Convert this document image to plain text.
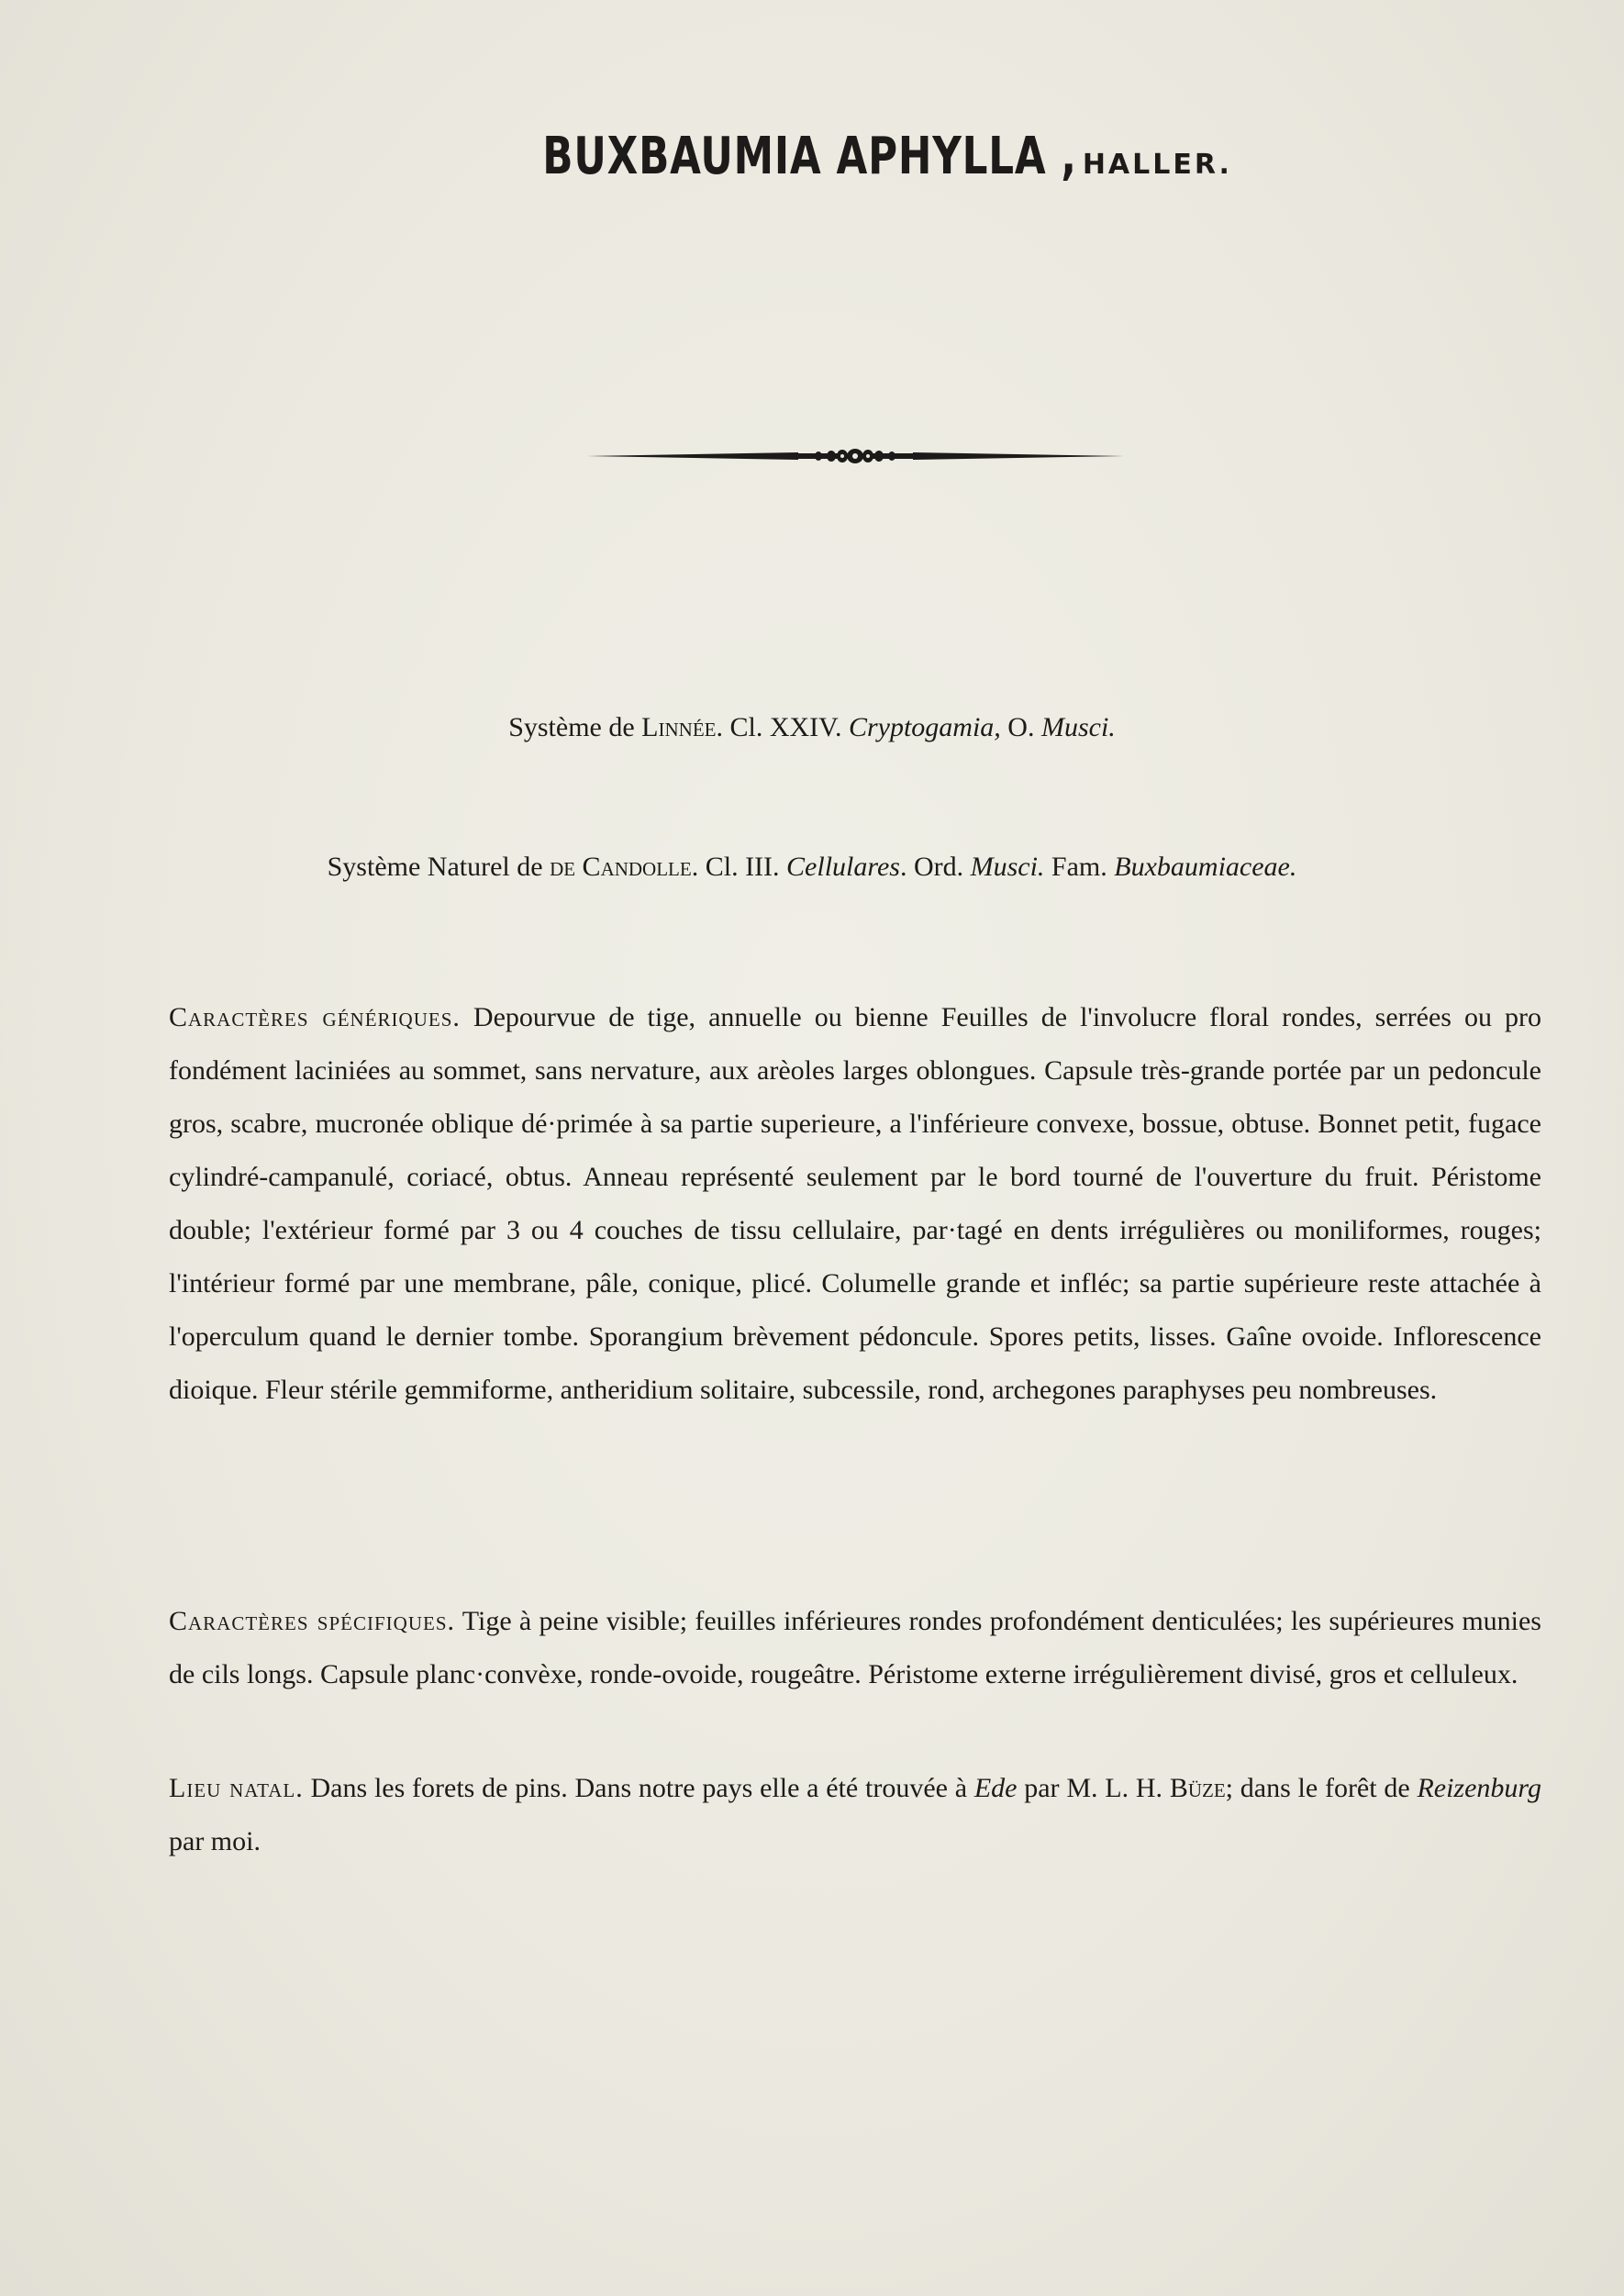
BUXBAUMIA APHYLLA , HALLER.
Système de Linnée. Cl. XXIV. Cryptogamia, O. Musci.
Système Naturel de de Candolle. Cl. III. Cellulares. Ord. Musci. Fam. Buxbaumiaceae.

Caractères génériques. Depourvue de tige, annuelle ou bienne Feuilles de l'involucre floral rondes, serrées ou pro fondément laciniées au sommet, sans nervature, aux arèoles larges oblongues. Capsule très-grande portée par un pedoncule gros, scabre, mucronée oblique dé·primée à sa partie superieure, a l'inférieure convexe, bossue, obtuse. Bonnet petit, fugace cylindré-campanulé, coriacé, obtus. Anneau représenté seulement par le bord tourné de l'ouverture du fruit. Péristome double; l'extérieur formé par 3 ou 4 couches de tissu cellulaire, par·tagé en dents irrégulières ou moniliformes, rouges; l'intérieur formé par une membrane, pâle, conique, plicé. Columelle grande et infléc; sa partie supérieure reste attachée à l'operculum quand le dernier tombe. Sporangium brèvement pédoncule. Spores petits, lisses. Gaîne ovoide. Inflorescence dioique. Fleur stérile gemmiforme, antheridium solitaire, subcessile, rond, archegones paraphyses peu nombreuses.

Caractères spécifiques. Tige à peine visible; feuilles inférieures rondes profondément denticulées; les supérieures munies de cils longs. Capsule planc·convèxe, ronde-ovoide, rougeâtre. Péristome externe irrégulièrement divisé, gros et celluleux.

Lieu natal. Dans les forets de pins. Dans notre pays elle a été trouvée à Ede par M. L. H. Büze; dans le forêt de Reizenburg par moi.
